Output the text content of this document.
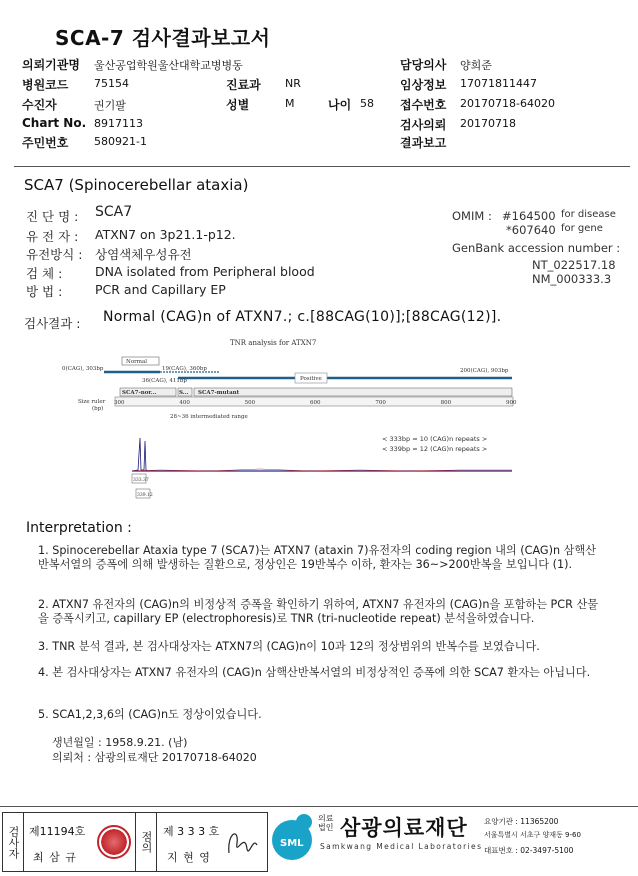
SCA-7 검사결과보고서
의뢰기관명 울산공업학원울산대학교병병동	담당의사 양희준
병원코드 75154	진료과 NR	임상정보 17071811447
수진자	권기팔	성별	M	나이 58 접수번호 20170718-64020
Chart No. 8917113	검사의뢰 20170718
주민번호 580921-1	결과보고
SCA7 (Spinocerebellar ataxia)
진 단 명 : SCA7
유 전 자 : ATXN7 on 3p21.1-p12.
유전방식 : 상염색체우성유전
검 체 :	DNA isolated from Peripheral blood
방 법 :	PCR and Capillary EP
OMIM : #164500 for disease
*607640 for gene
GenBank accession number :
NT_022517.18
NM_000333.3
검사결과 : Normal (CAG)n of ATXN7.; c.[88CAG(10)];[88CAG(12)].
TNR analysis for ATXN7
Normal
0(CAG), 303bp	19(CAG), 360bp
36(CAG), 411bp	Positive
200(CAG), 903bp
SCA7-nor...	S... SCA7-mutant
Size ruler
(bp)
300	400	500	600	700	800	900
28~36 intermediated range
333.37
339.12
< 333bp = 10 (CAG)n repeats >
< 339bp = 12 (CAG)n repeats >
Interpretation :
1. Spinocerebellar Ataxia type 7 (SCA7)는 ATXN7 (ataxin 7)유전자의 coding region 내의 (CAG)n 삼핵산 반복서열의 증폭에 의해 발생하는 질환으로, 정상인은 19반복수 이하, 환자는 36~>200반복을 보입니다 (1).
2. ATXN7 유전자의 (CAG)n의 비정상적 증폭을 확인하기 위하여, ATXN7 유전자의 (CAG)n을 포함하는 PCR 산물을 증폭시키고, capillary EP (electrophoresis)로 TNR (tri-nucleotide repeat) 분석을하였습니다.
3. TNR 분석 결과, 본 검사대상자는 ATXN7의 (CAG)n이 10과 12의 정상범위의 반복수를 보였습니다.
4. 본 검사대상자는 ATXN7 유전자의 (CAG)n 삼핵산반복서열의 비정상적인 증폭에 의한 SCA7 환자는 아닙니다.
5. SCA1,2,3,6의 (CAG)n도 정상이었습니다.
생년월일 : 1958.9.21. (남)
의뢰처 : 삼광의료재단 20170718-64020
검사자 제11194호
최 삼 규
점의 제 3 3 3 호
지 현 영
SML
의료
법인 삼광의료재단
Samkwang Medical Laboratories
요양기관 : 11365200
서울특별시 서초구 양재동 9-60
대표번호 : 02-3497-5100
